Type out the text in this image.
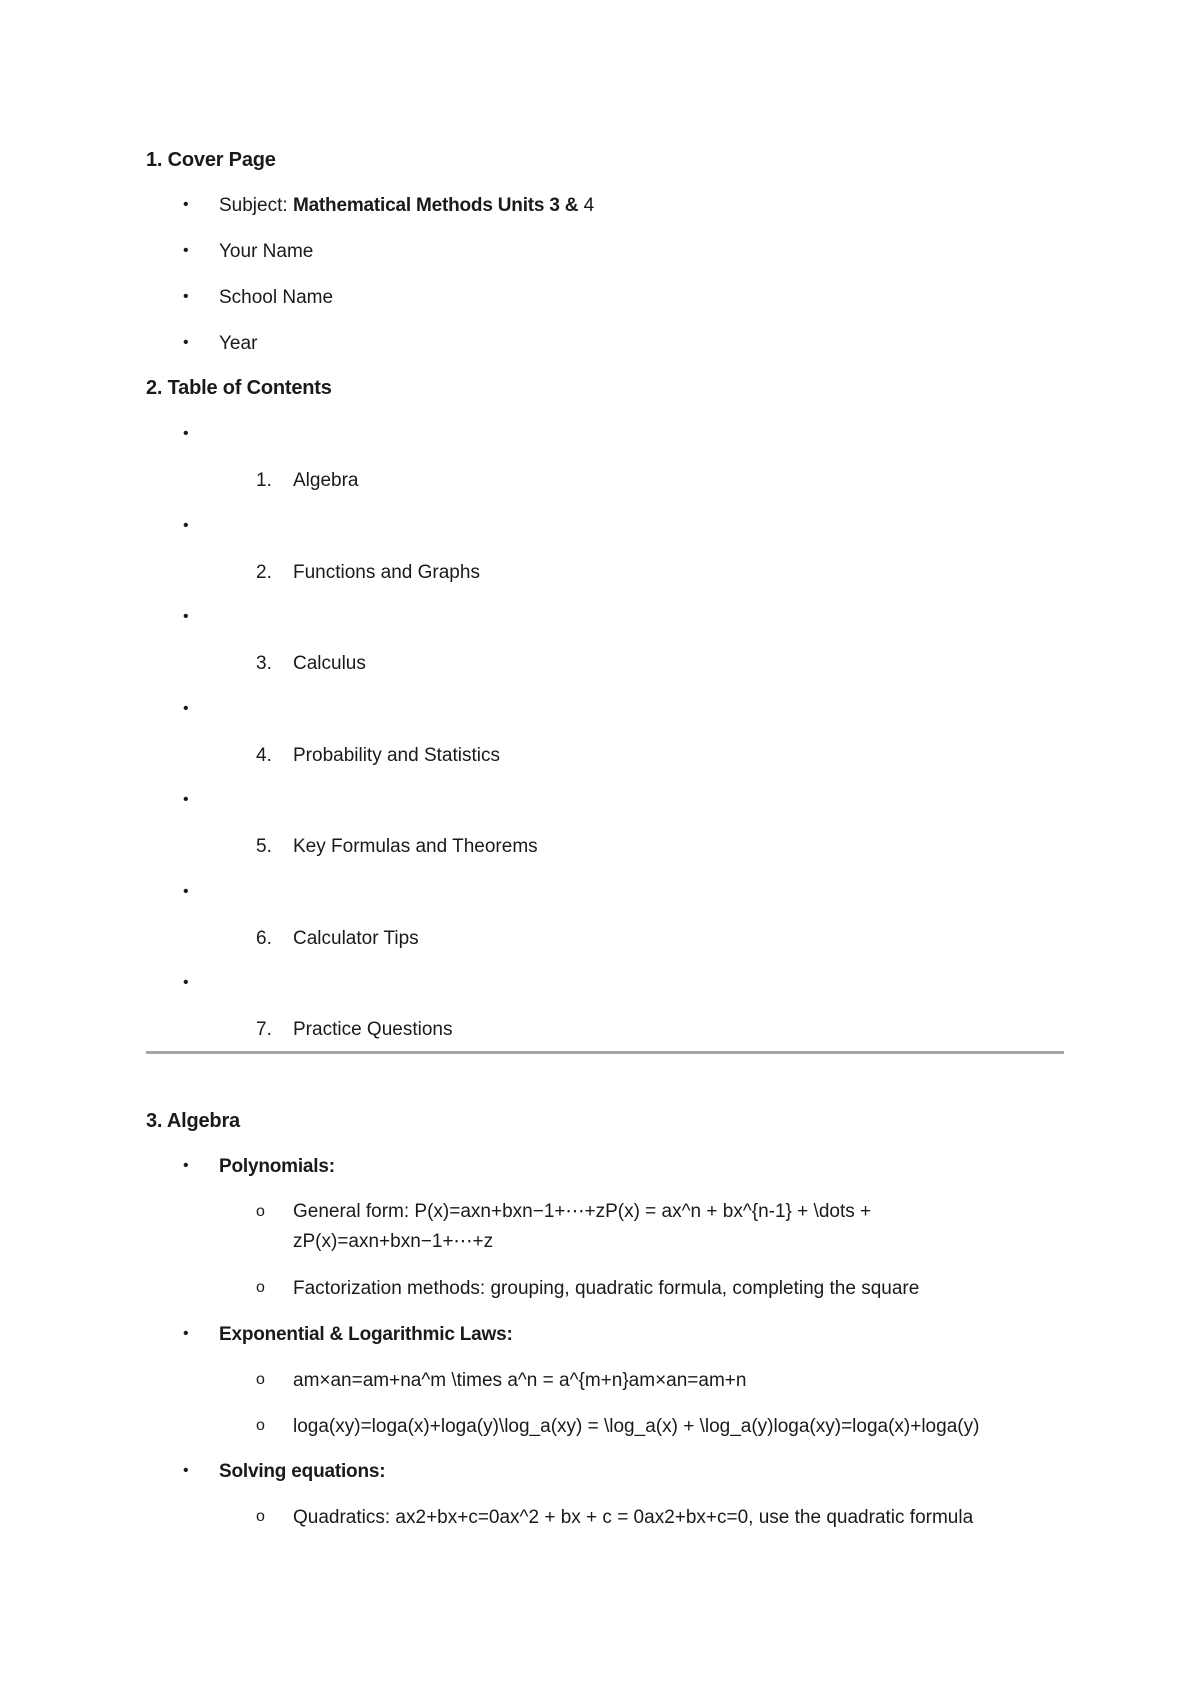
1. Cover Page
• Subject: Mathematical Methods Units 3 & 4
• Your Name
• School Name
• Year
2. Table of Contents
•
1. Algebra
•
2. Functions and Graphs
•
3. Calculus
•
4. Probability and Statistics
•
5. Key Formulas and Theorems
•
6. Calculator Tips
•
7. Practice Questions
3. Algebra
• Polynomials:
o General form: P(x)=axn+bxn−1+⋯+zP(x) = ax^n + bx^{n-1} + \dots + zP(x)=axn+bxn−1+⋯+z
o Factorization methods: grouping, quadratic formula, completing the square
• Exponential & Logarithmic Laws:
o am×an=am+na^m \times a^n = a^{m+n}am×an=am+n
o loga(xy)=loga(x)+loga(y)\log_a(xy) = \log_a(x) + \log_a(y)loga(xy)=loga(x)+loga(y)
• Solving equations:
o Quadratics: ax2+bx+c=0ax^2 + bx + c = 0ax2+bx+c=0, use the quadratic formula
